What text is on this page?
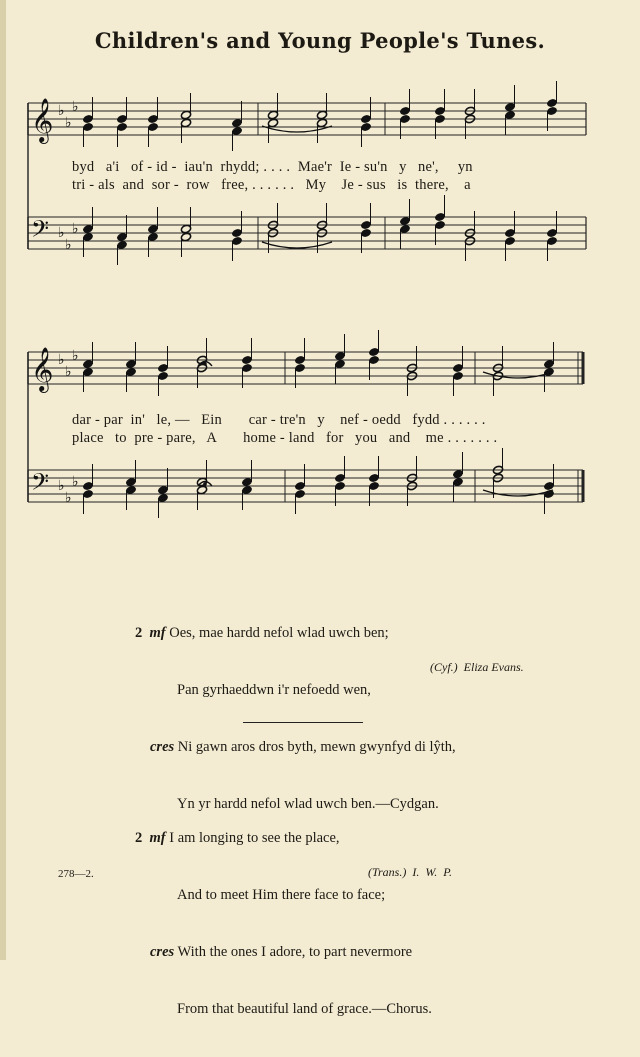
Children's and Young People's Tunes.
𝄞 ♭
♭
♭
𝄢 ♭
♭
♭
𝄞 ♭
♭
♭
𝄢 ♭
♭
♭
byd   a'i   of - id -  iau'n  rhydd; . . . .  Mae'r  Ie - su'n   y   ne',     yn
tri - als  and  sor -  row   free, . . . . . .   My    Je - sus   is  there,    a
dar - par  in'   le, —   Ein       car - tre'n   y    nef - oedd   fydd . . . . . .
place   to  pre - pare,   A       home - land   for   you   and    me . . . . . . .

2 mf Oes, mae hardd nefol wlad uwch ben;

Pan gyrhaeddwn i'r nefoedd wen,

cres Ni gawn aros dros byth, mewn gwynfyd di lŷth,

Yn yr hardd nefol wlad uwch ben.—Cydgan.

(Cyf.)  Eliza Evans.

2 mf I am longing to see the place,

And to meet Him there face to face;

cres With the ones I adore, to part nevermore

From that beautiful land of grace.—Chorus.

(Trans.)  I.  W.  P.
278—2.
